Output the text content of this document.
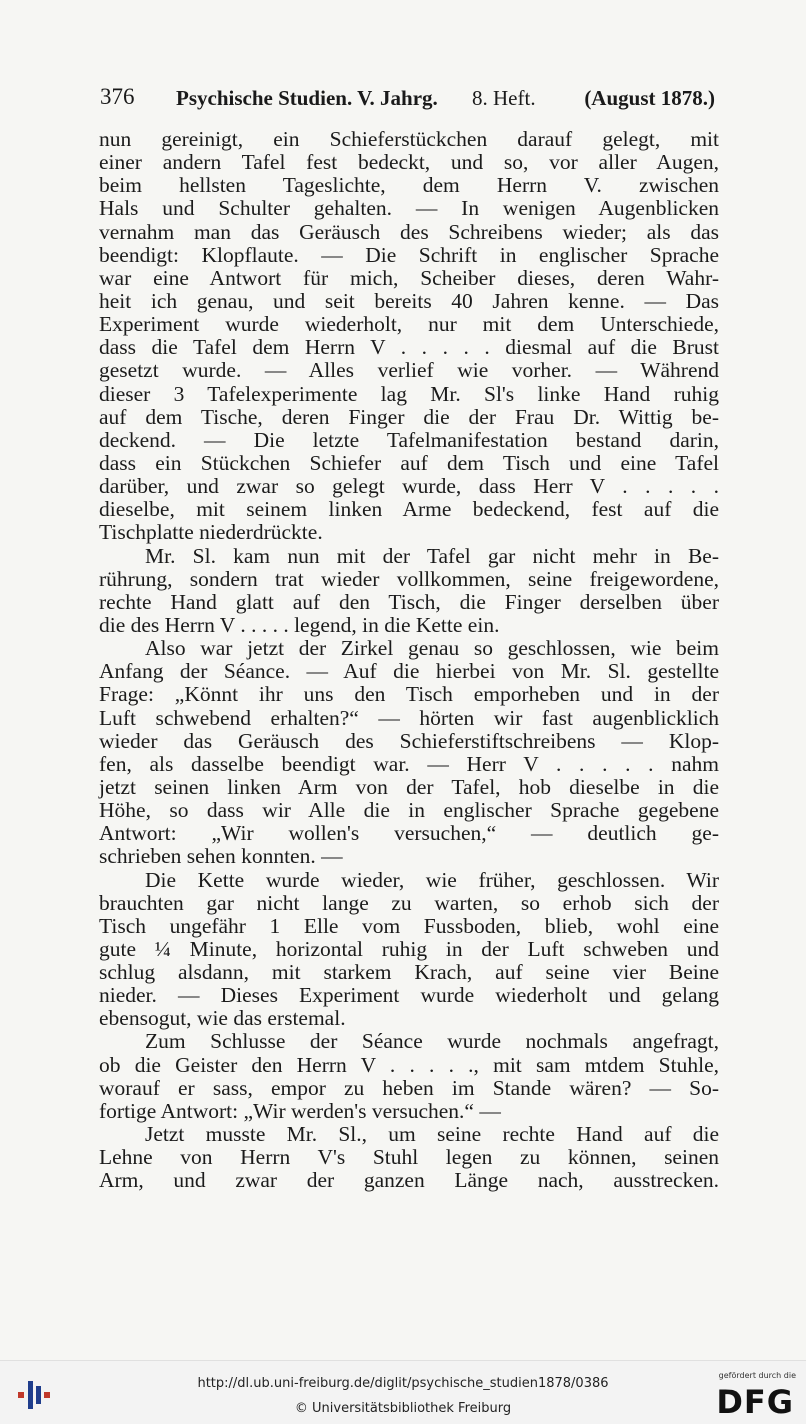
376 Psychische Studien. V. Jahrg. 8. Heft. (August 1878.)
nun gereinigt, ein Schieferstückchen darauf gelegt, mit
einer andern Tafel fest bedeckt, und so, vor aller Augen,
beim hellsten Tageslichte, dem Herrn V. zwischen
Hals und Schulter gehalten. — In wenigen Augenblicken
vernahm man das Geräusch des Schreibens wieder; als das
beendigt: Klopflaute. — Die Schrift in englischer Sprache
war eine Antwort für mich, Scheiber dieses, deren Wahr-
heit ich genau, und seit bereits 40 Jahren kenne. — Das
Experiment wurde wiederholt, nur mit dem Unterschiede,
dass die Tafel dem Herrn V . . . . . diesmal auf die Brust
gesetzt wurde. — Alles verlief wie vorher. — Während
dieser 3 Tafelexperimente lag Mr. Sl's linke Hand ruhig
auf dem Tische, deren Finger die der Frau Dr. Wittig be-
deckend. — Die letzte Tafelmanifestation bestand darin,
dass ein Stückchen Schiefer auf dem Tisch und eine Tafel
darüber, und zwar so gelegt wurde, dass Herr V . . . . .
dieselbe, mit seinem linken Arme bedeckend, fest auf die
Tischplatte niederdrückte.
Mr. Sl. kam nun mit der Tafel gar nicht mehr in Be-
rührung, sondern trat wieder vollkommen, seine freigewordene,
rechte Hand glatt auf den Tisch, die Finger derselben über
die des Herrn V . . . . . legend, in die Kette ein.
Also war jetzt der Zirkel genau so geschlossen, wie beim
Anfang der Séance. — Auf die hierbei von Mr. Sl. gestellte
Frage: „Könnt ihr uns den Tisch emporheben und in der
Luft schwebend erhalten?“ — hörten wir fast augenblicklich
wieder das Geräusch des Schieferstiftschreibens — Klop-
fen, als dasselbe beendigt war. — Herr V . . . . . nahm
jetzt seinen linken Arm von der Tafel, hob dieselbe in die
Höhe, so dass wir Alle die in englischer Sprache gegebene
Antwort: „Wir wollen's versuchen,“ — deutlich ge-
schrieben sehen konnten. —
Die Kette wurde wieder, wie früher, geschlossen. Wir
brauchten gar nicht lange zu warten, so erhob sich der
Tisch ungefähr 1 Elle vom Fussboden, blieb, wohl eine
gute ¼ Minute, horizontal ruhig in der Luft schweben und
schlug alsdann, mit starkem Krach, auf seine vier Beine
nieder. — Dieses Experiment wurde wiederholt und gelang
ebensogut, wie das erstemal.
Zum Schlusse der Séance wurde nochmals angefragt,
ob die Geister den Herrn V . . . . ., mit sam mtdem Stuhle,
worauf er sass, empor zu heben im Stande wären? — So-
fortige Antwort: „Wir werden's versuchen.“ —
Jetzt musste Mr. Sl., um seine rechte Hand auf die
Lehne von Herrn V's Stuhl legen zu können, seinen
Arm, und zwar der ganzen Länge nach, ausstrecken.
http://dl.ub.uni-freiburg.de/diglit/psychische_studien1878/0386
© Universitätsbibliothek Freiburg
gefördert durch die
DFG
